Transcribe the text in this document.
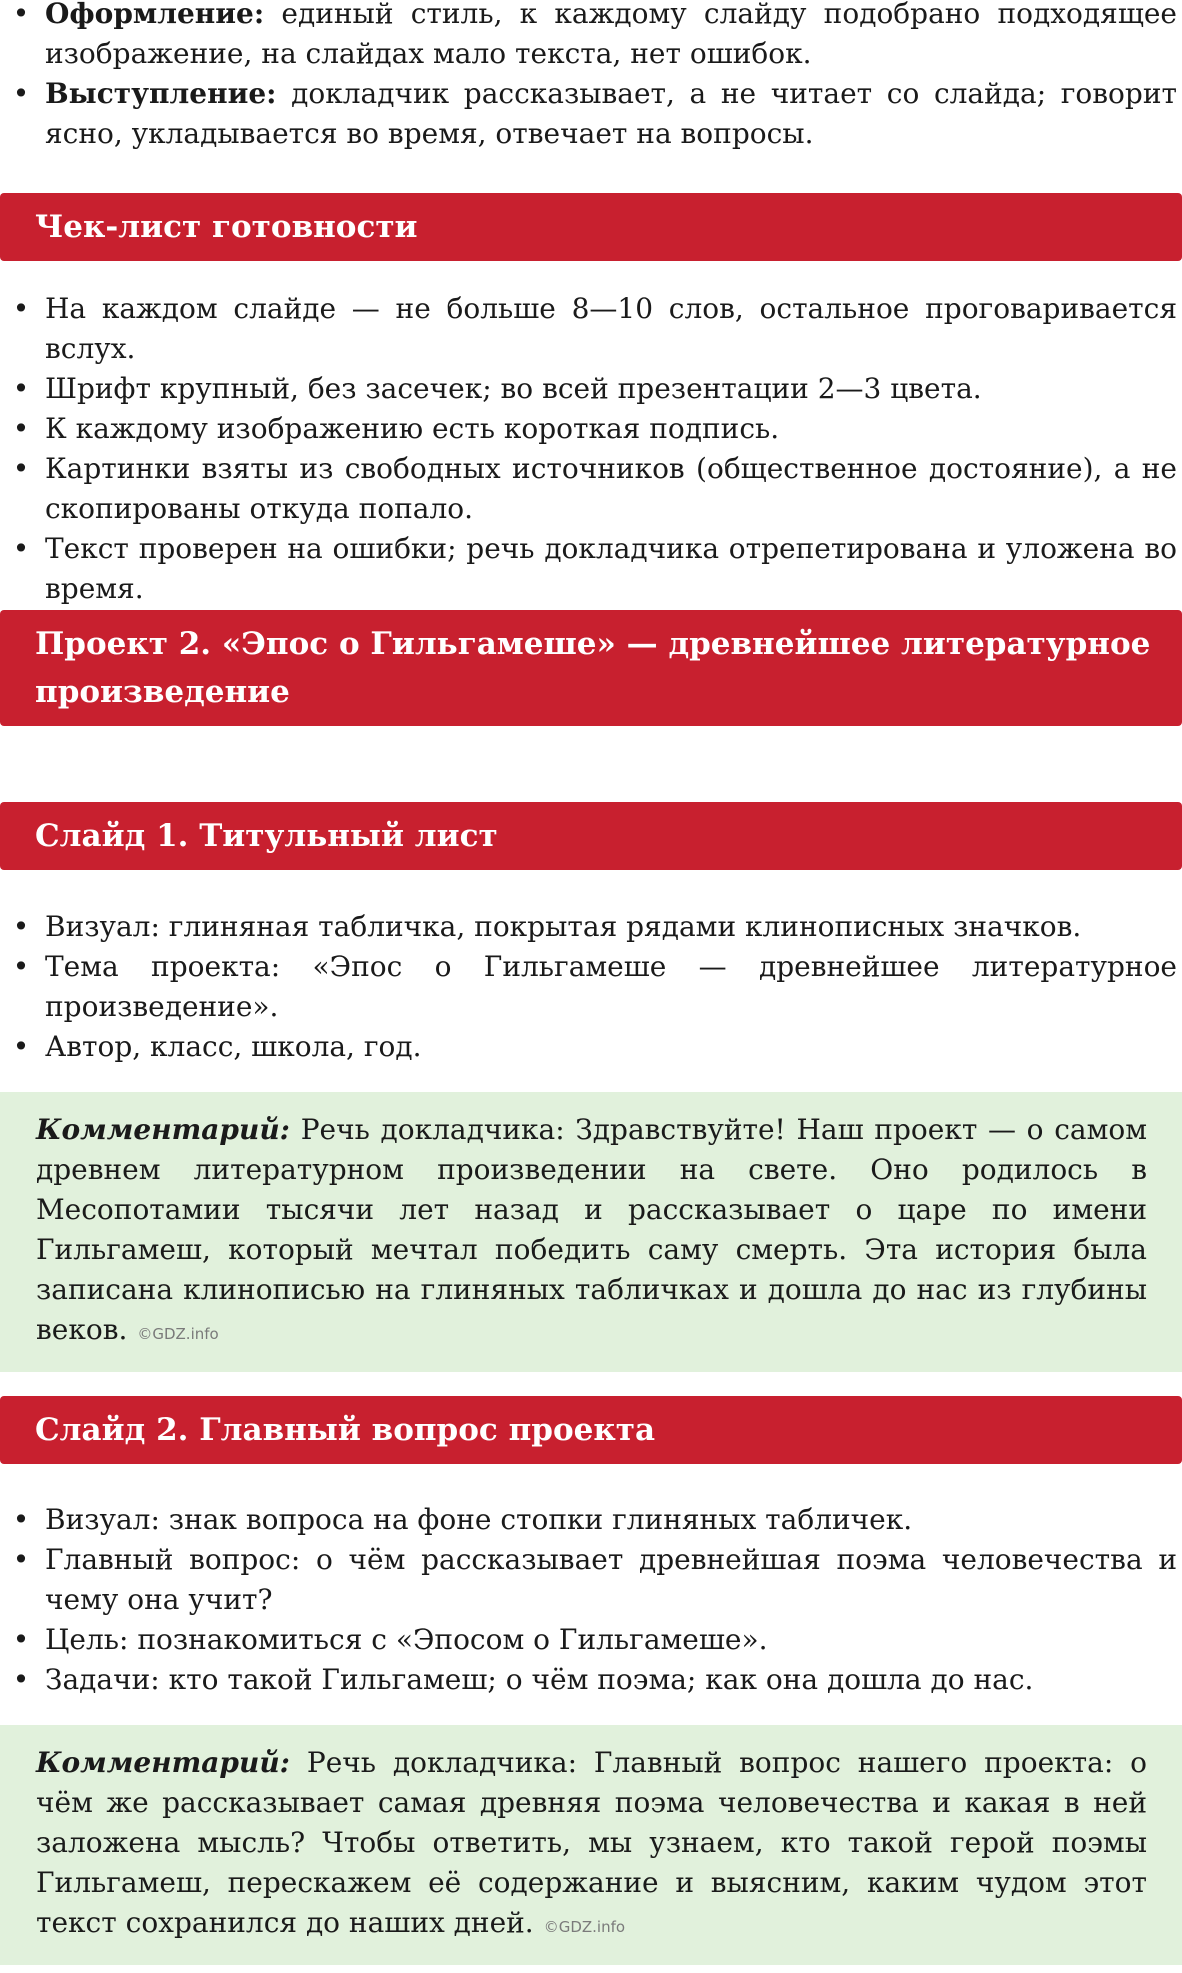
• Оформление: единый стиль, к каждому слайду подобрано подходящее изображение, на слайдах мало текста, нет ошибок.
• Выступление: докладчик рассказывает, а не читает со слайда; говорит ясно, укладывается во время, отвечает на вопросы.
Чек-лист готовности
• На каждом слайде — не больше 8—10 слов, остальное проговаривается вслух.
• Шрифт крупный, без засечек; во всей презентации 2—3 цвета.
• К каждому изображению есть короткая подпись.
• Картинки взяты из свободных источников (общественное достояние), а не скопированы откуда попало.
• Текст проверен на ошибки; речь докладчика отрепетирована и уложена во время.
Проект 2. «Эпос о Гильгамеше» — древнейшее литературное произведение
Слайд 1. Титульный лист
• Визуал: глиняная табличка, покрытая рядами клинописных значков.
• Тема проекта: «Эпос о Гильгамеше — древнейшее литературное произведение».
• Автор, класс, школа, год.
Комментарий: Речь докладчика: Здравствуйте! Наш проект — о самом древнем литературном произведении на свете. Оно родилось в Месопотамии тысячи лет назад и рассказывает о царе по имени Гильгамеш, который мечтал победить саму смерть. Эта история была записана клинописью на глиняных табличках и дошла до нас из глубины веков. ©GDZ.info
Слайд 2. Главный вопрос проекта
• Визуал: знак вопроса на фоне стопки глиняных табличек.
• Главный вопрос: о чём рассказывает древнейшая поэма человечества и чему она учит?
• Цель: познакомиться с «Эпосом о Гильгамеше».
• Задачи: кто такой Гильгамеш; о чём поэма; как она дошла до нас.
Комментарий: Речь докладчика: Главный вопрос нашего проекта: о чём же рассказывает самая древняя поэма человечества и какая в ней заложена мысль? Чтобы ответить, мы узнаем, кто такой герой поэмы Гильгамеш, перескажем её содержание и выясним, каким чудом этот текст сохранился до наших дней. ©GDZ.info
